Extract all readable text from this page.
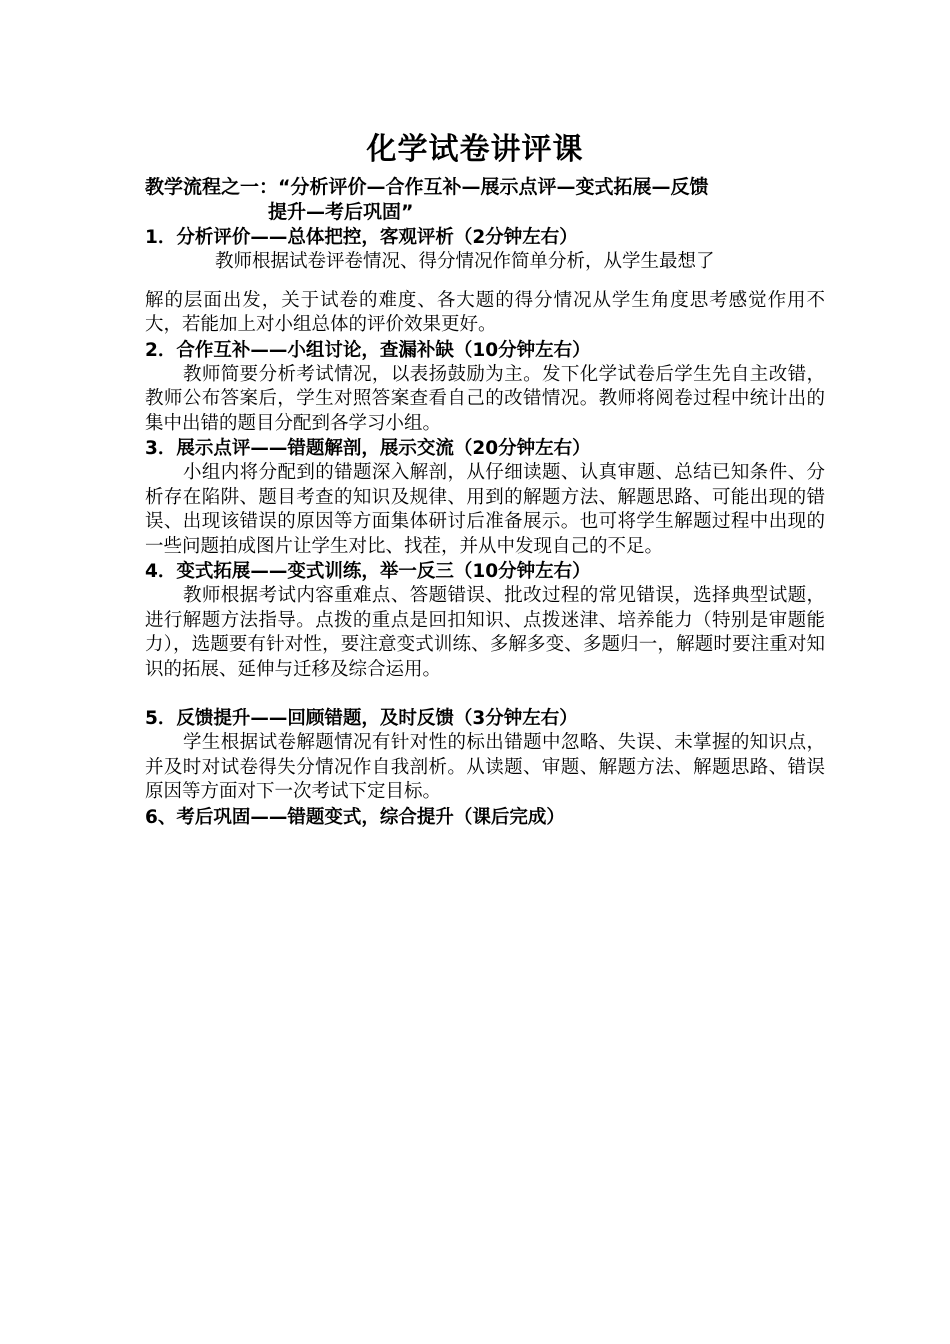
化学试卷讲评课

教学流程之一：“分析评价—合作互补—展示点评—变式拓展—反馈
提升—考后巩固”

1．分析评价——总体把控，客观评析（2分钟左右）

教师根据试卷评卷情况、得分情况作简单分析，从学生最想了

解的层面出发，关于试卷的难度、各大题的得分情况从学生角度思考感觉作用不大，若能加上对小组总体的评价效果更好。

2．合作互补——小组讨论，查漏补缺（10分钟左右）

教师简要分析考试情况，以表扬鼓励为主。发下化学试卷后学生先自主改错，教师公布答案后，学生对照答案查看自己的改错情况。教师将阅卷过程中统计出的集中出错的题目分配到各学习小组。

3．展示点评——错题解剖，展示交流（20分钟左右）

小组内将分配到的错题深入解剖，从仔细读题、认真审题、总结已知条件、分析存在陷阱、题目考查的知识及规律、用到的解题方法、解题思路、可能出现的错误、出现该错误的原因等方面集体研讨后准备展示。也可将学生解题过程中出现的一些问题拍成图片让学生对比、找茬，并从中发现自己的不足。

4．变式拓展——变式训练，举一反三（10分钟左右）

教师根据考试内容重难点、答题错误、批改过程的常见错误，选择典型试题，进行解题方法指导。点拨的重点是回扣知识、点拨迷津、培养能力（特别是审题能力），选题要有针对性，要注意变式训练、多解多变、多题归一，解题时要注重对知识的拓展、延伸与迁移及综合运用。

5．反馈提升——回顾错题，及时反馈（3分钟左右）

学生根据试卷解题情况有针对性的标出错题中忽略、失误、未掌握的知识点，并及时对试卷得失分情况作自我剖析。从读题、审题、解题方法、解题思路、错误原因等方面对下一次考试下定目标。

6、考后巩固——错题变式，综合提升（课后完成）
